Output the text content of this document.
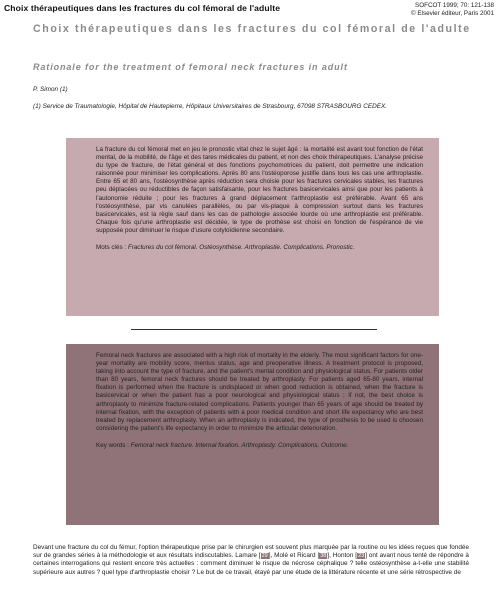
Choix thérapeutiques dans les fractures du col fémoral de l'adulte	SOFCOT 1999; 70: 121-138
© Elsevier éditeur, Paris 2001
Choix thérapeutiques dans les fractures du col fémoral de l'adulte
Rationale for the treatment of femoral neck fractures in adult
P. Simon (1)
(1) Service de Traumatologie, Hôpital de Hautepierre, Hôpitaux Universitaires de Strasbourg, 67098 STRASBOURG CEDEX.

La fracture du col fémoral met en jeu le pronostic vital chez le sujet âgé : la mortalité est avant tout fonction de l'état mental, de la mobilité, de l'âge et des tares médicales du patient, et non des choix thérapeutiques. L'analyse précise du type de fracture, de l'état général et des fonctions psychomotrices du patient, doit permettre une indication raisonnée pour minimiser les complications. Après 80 ans l'ostéoporose justifie dans tous les cas une arthroplastie. Entre 65 et 80 ans, l'ostéosynthèse après réduction sera choisie pour les fractures cervicales stables, les fractures peu déplacées ou réductibles de façon satisfaisante, pour les fractures basicervicales ainsi que pour les patients à l'autonomie réduite ; pour les fractures à grand déplacement l'arthroplastie est préférable. Avant 65 ans l'ostéosynthèse, par vis canulées parallèles, ou par vis-plaque à compression surtout dans les fractures basicervicales, est la règle sauf dans les cas de pathologie associée lourde où une arthroplastie est préférable. Chaque fois qu'une arthroplastie est décidée, le type de prothèse est choisi en fonction de l'espérance de vie supposée pour diminuer le risque d'usure cotyloïdienne secondaire.

Mots clés : Fractures du col fémoral. Ostéosynthèse. Arthroplastie. Complications. Pronostic.

Femoral neck fractures are associated with a high risk of mortality in the elderly. The most significant factors for one-year mortality are mobility score, mentus status, age and preoperative illness. A treatment protocol is proposed, taking into account the type of fracture, and the patient's mental condition and physiological status. For patients older than 80 years, femoral neck fractures should be treated by arthroplasty. For patients aged 65-80 years, internal fixation is performed when the fracture is undisplaced or when good reduction is obtained, when the fracture is basicervical or when the patient has a poor neurological and physiological status ; if not, the best choice is arthroplasty to minimize fracture-related complications. Patients younger than 65 years of age should be treated by internal fixation, with the exception of patients with a poor medical condition and short life expectancy who are best treated by replacement arthroplasty. When an arthroplasty is indicated, the type of prosthesis to be used is choosen considering the patient's life expectancy in order to minimize the articular deterioration.

Key words : Femoral neck fracture. Internal fixation. Arthroplasty. Complications. Outcome.

Devant une fracture du col du fémur, l'option thérapeutique prise par le chirurgien est souvent plus marquée par la routine ou les idées reçues que fondée sur de grandes séries à la méthodologie et aux résultats indiscutables. Lamare [29], Molé et Ricard [38], Honton [23] ont avant nous tenté de répondre à certaines interrogations qui restent encore très actuelles : comment diminuer le risque de nécrose céphalique ? telle ostéosynthèse a-t-elle une stabilité supérieure aux autres ? quel type d'arthroplastie choisir ? Le but de ce travail, étayé par une étude de la littérature récente et une série rétrospective de
